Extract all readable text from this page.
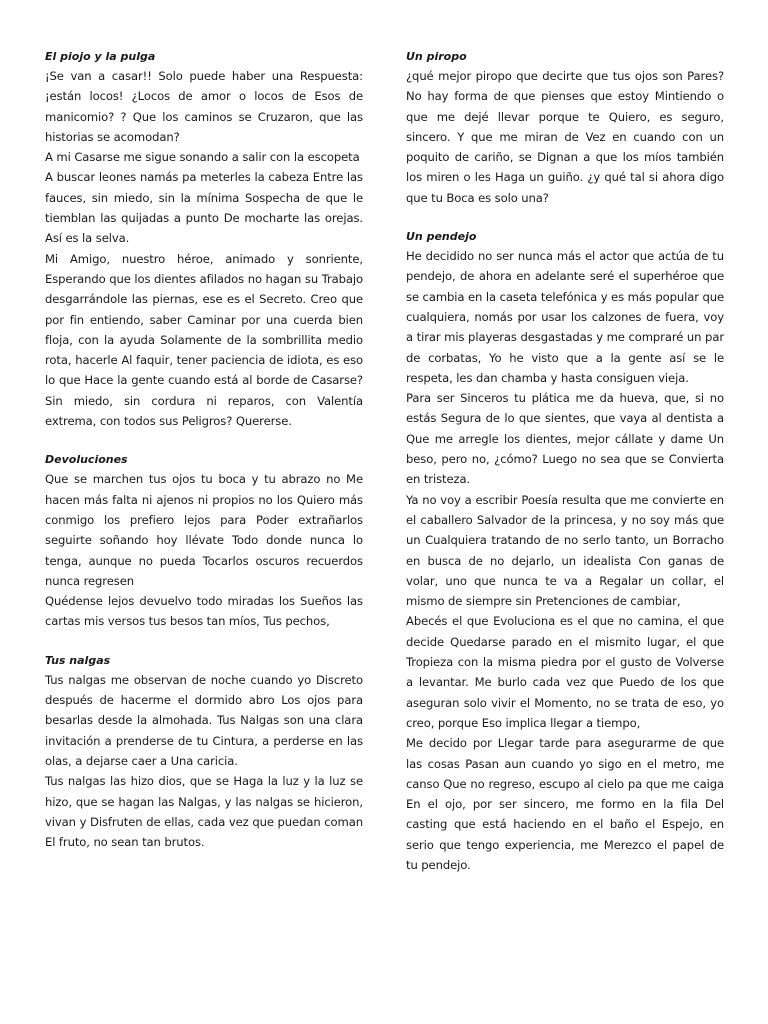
El piojo y la pulga

¡Se van a casar!! Solo puede haber una Respuesta: ¡están locos! ¿Locos de amor o locos de Esos de manicomio? ? Que los caminos se Cruzaron, que las historias se acomodan?

A mi Casarse me sigue sonando a salir con la escopeta

A buscar leones namás pa meterles la cabeza Entre las fauces, sin miedo, sin la mínima Sospecha de que le tiemblan las quijadas a punto De mocharte las orejas. Así es la selva.

Mi Amigo, nuestro héroe, animado y sonriente, Esperando que los dientes afilados no hagan su Trabajo desgarrándole las piernas, ese es el Secreto. Creo que por fin entiendo, saber Caminar por una cuerda bien floja, con la ayuda Solamente de la sombrillita medio rota, hacerle Al faquir, tener paciencia de idiota, es eso lo que Hace la gente cuando está al borde de Casarse? Sin miedo, sin cordura ni reparos, con Valentía extrema, con todos sus Peligros? Quererse.

Devoluciones

Que se marchen tus ojos tu boca y tu abrazo no Me hacen más falta ni ajenos ni propios no los Quiero más conmigo los prefiero lejos para Poder extrañarlos seguirte soñando hoy llévate Todo donde nunca lo tenga, aunque no pueda Tocarlos oscuros recuerdos nunca regresen

Quédense lejos devuelvo todo miradas los Sueños las cartas mis versos tus besos tan míos, Tus pechos,

Tus nalgas

Tus nalgas me observan de noche cuando yo Discreto después de hacerme el dormido abro Los ojos para besarlas desde la almohada. Tus Nalgas son una clara invitación a prenderse de tu Cintura, a perderse en las olas, a dejarse caer a Una caricia.

Tus nalgas las hizo dios, que se Haga la luz y la luz se hizo, que se hagan las Nalgas, y las nalgas se hicieron, vivan y Disfruten de ellas, cada vez que puedan coman El fruto, no sean tan brutos.

Un piropo

¿qué mejor piropo que decirte que tus ojos son Pares? No hay forma de que pienses que estoy Mintiendo o que me dejé llevar porque te Quiero, es seguro, sincero. Y que me miran de Vez en cuando con un poquito de cariño, se Dignan a que los míos también los miren o les Haga un guiño. ¿y qué tal si ahora digo que tu Boca es solo una?

Un pendejo

He decidido no ser nunca más el actor que actúa de tu pendejo, de ahora en adelante seré el superhéroe que se cambia en la caseta telefónica y es más popular que cualquiera, nomás por usar los calzones de fuera, voy a tirar mis playeras desgastadas y me compraré un par de corbatas, Yo he visto que a la gente así se le respeta, les dan chamba y hasta consiguen vieja.

Para ser Sinceros tu plática me da hueva, que, si no estás Segura de lo que sientes, que vaya al dentista a Que me arregle los dientes, mejor cállate y dame Un beso, pero no, ¿cómo? Luego no sea que se Convierta en tristeza.

Ya no voy a escribir Poesía resulta que me convierte en el caballero Salvador de la princesa, y no soy más que un Cualquiera tratando de no serlo tanto, un Borracho en busca de no dejarlo, un idealista Con ganas de volar, uno que nunca te va a Regalar un collar, el mismo de siempre sin Pretenciones de cambiar,

Abecés el que Evoluciona es el que no camina, el que decide Quedarse parado en el mismito lugar, el que Tropieza con la misma piedra por el gusto de Volverse a levantar. Me burlo cada vez que Puedo de los que aseguran solo vivir el Momento, no se trata de eso, yo creo, porque Eso implica llegar a tiempo,

Me decido por Llegar tarde para asegurarme de que las cosas Pasan aun cuando yo sigo en el metro, me canso Que no regreso, escupo al cielo pa que me caiga En el ojo, por ser sincero, me formo en la fila Del casting que está haciendo en el baño el Espejo, en serio que tengo experiencia, me Merezco el papel de tu pendejo.
